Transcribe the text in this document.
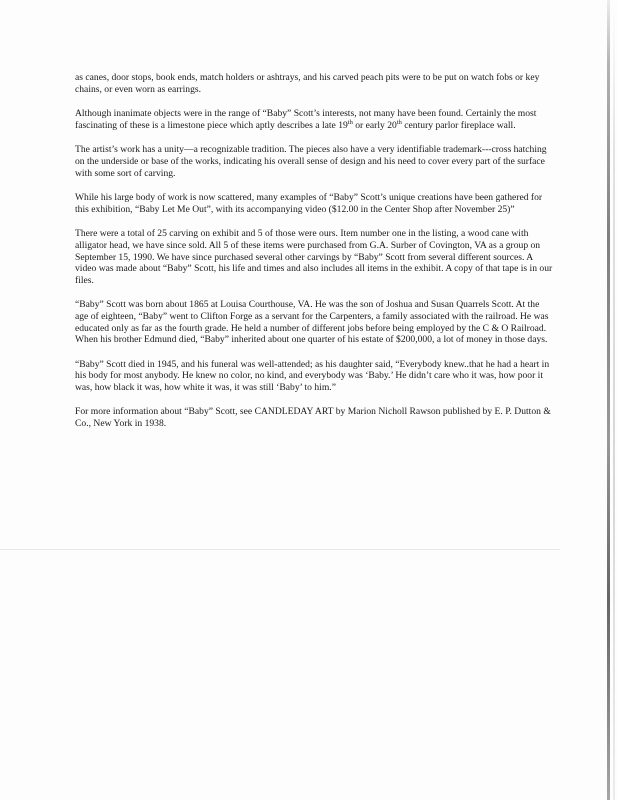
as canes, door stops, book ends, match holders or ashtrays, and his carved peach pits were to be put on watch fobs or key chains, or even worn as earrings.

Although inanimate objects were in the range of “Baby” Scott’s interests, not many have been found. Certainly the most fascinating of these is a limestone piece which aptly describes a late 19th or early 20th century parlor fireplace wall.

The artist’s work has a unity—a recognizable tradition. The pieces also have a very identifiable trademark---cross hatching on the underside or base of the works, indicating his overall sense of design and his need to cover every part of the surface with some sort of carving.

While his large body of work is now scattered, many examples of “Baby” Scott’s unique creations have been gathered for this exhibition, “Baby Let Me Out”, with its accompanying video ($12.00 in the Center Shop after November 25)”

There were a total of 25 carving on exhibit and 5 of those were ours. Item number one in the listing, a wood cane with alligator head, we have since sold. All 5 of these items were purchased from G.A. Surber of Covington, VA as a group on September 15, 1990. We have since purchased several other carvings by “Baby” Scott from several different sources. A video was made about “Baby” Scott, his life and times and also includes all items in the exhibit. A copy of that tape is in our files.

“Baby” Scott was born about 1865 at Louisa Courthouse, VA. He was the son of Joshua and Susan Quarrels Scott. At the age of eighteen, “Baby” went to Clifton Forge as a servant for the Carpenters, a family associated with the railroad. He was educated only as far as the fourth grade. He held a number of different jobs before being employed by the C & O Railroad. When his brother Edmund died, “Baby” inherited about one quarter of his estate of $200,000, a lot of money in those days.

“Baby” Scott died in 1945, and his funeral was well-attended; as his daughter said, “Everybody knew..that he had a heart in his body for most anybody. He knew no color, no kind, and everybody was ‘Baby.’ He didn’t care who it was, how poor it was, how black it was, how white it was, it was still ‘Baby’ to him.”

For more information about “Baby” Scott, see CANDLEDAY ART by Marion Nicholl Rawson published by E. P. Dutton & Co., New York in 1938.
